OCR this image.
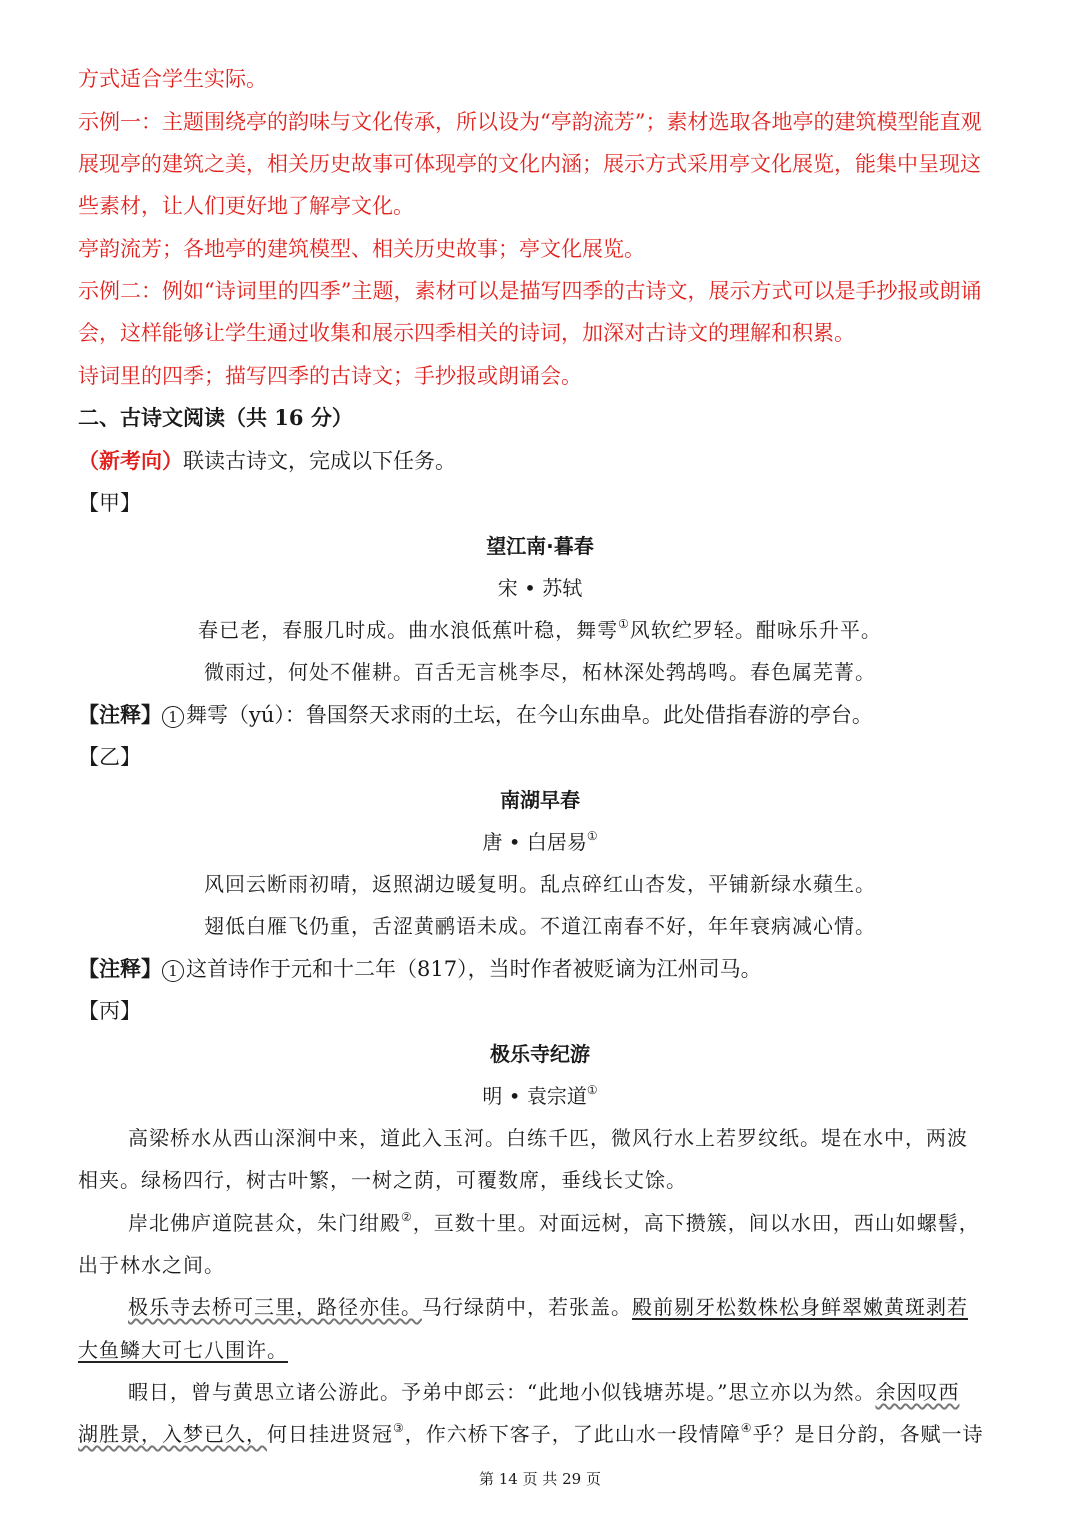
方式适合学生实际。
示例一：主题围绕亭的韵味与文化传承，所以设为“亭韵流芳”；素材选取各地亭的建筑模型能直观
展现亭的建筑之美，相关历史故事可体现亭的文化内涵；展示方式采用亭文化展览，能集中呈现这
些素材，让人们更好地了解亭文化。
亭韵流芳；各地亭的建筑模型、相关历史故事；亭文化展览。
示例二：例如“诗词里的四季”主题，素材可以是描写四季的古诗文，展示方式可以是手抄报或朗诵
会，这样能够让学生通过收集和展示四季相关的诗词，加深对古诗文的理解和积累。
诗词里的四季；描写四季的古诗文；手抄报或朗诵会。
二、古诗文阅读（共 16 分）
（新考向）联读古诗文，完成以下任务。
【甲】
望江南·暮春
宋 • 苏轼
春已老，春服几时成。曲水浪低蕉叶稳，舞雩①风软纻罗轻。酣咏乐升平。
微雨过，何处不催耕。百舌无言桃李尽，柘林深处鹁鸪鸣。春色属芜菁。
【注释】 1 舞雩（yú）：鲁国祭天求雨的土坛，在今山东曲阜。此处借指春游的亭台。
【乙】
南湖早春
唐 • 白居易①
风回云断雨初晴，返照湖边暖复明。乱点碎红山杏发，平铺新绿水蘋生。
翅低白雁飞仍重，舌涩黄鹂语未成。不道江南春不好，年年衰病减心情。
【注释】 1 这首诗作于元和十二年（817），当时作者被贬谪为江州司马。
【丙】
极乐寺纪游
明 • 袁宗道①
高梁桥水从西山深涧中来，道此入玉河。白练千匹，微风行水上若罗纹纸。堤在水中，两波
相夹。绿杨四行，树古叶繁，一树之荫，可覆数席，垂线长丈馀。
岸北佛庐道院甚众，朱门绀殿②，亘数十里。对面远树，高下攒簇，间以水田，西山如螺髻，
出于林水之间。
极乐寺去桥可三里，路径亦佳。马行绿荫中，若张盖。殿前剔牙松数株松身鲜翠嫩黄斑剥若
大鱼鳞大可七八围许。
暇日，曾与黄思立诸公游此。予弟中郎云：“此地小似钱塘苏堤。”思立亦以为然。余因叹西
湖胜景，入梦已久，何日挂进贤冠③，作六桥下客子，了此山水一段情障④乎？是日分韵，各赋一诗
第 14 页 共 29 页
